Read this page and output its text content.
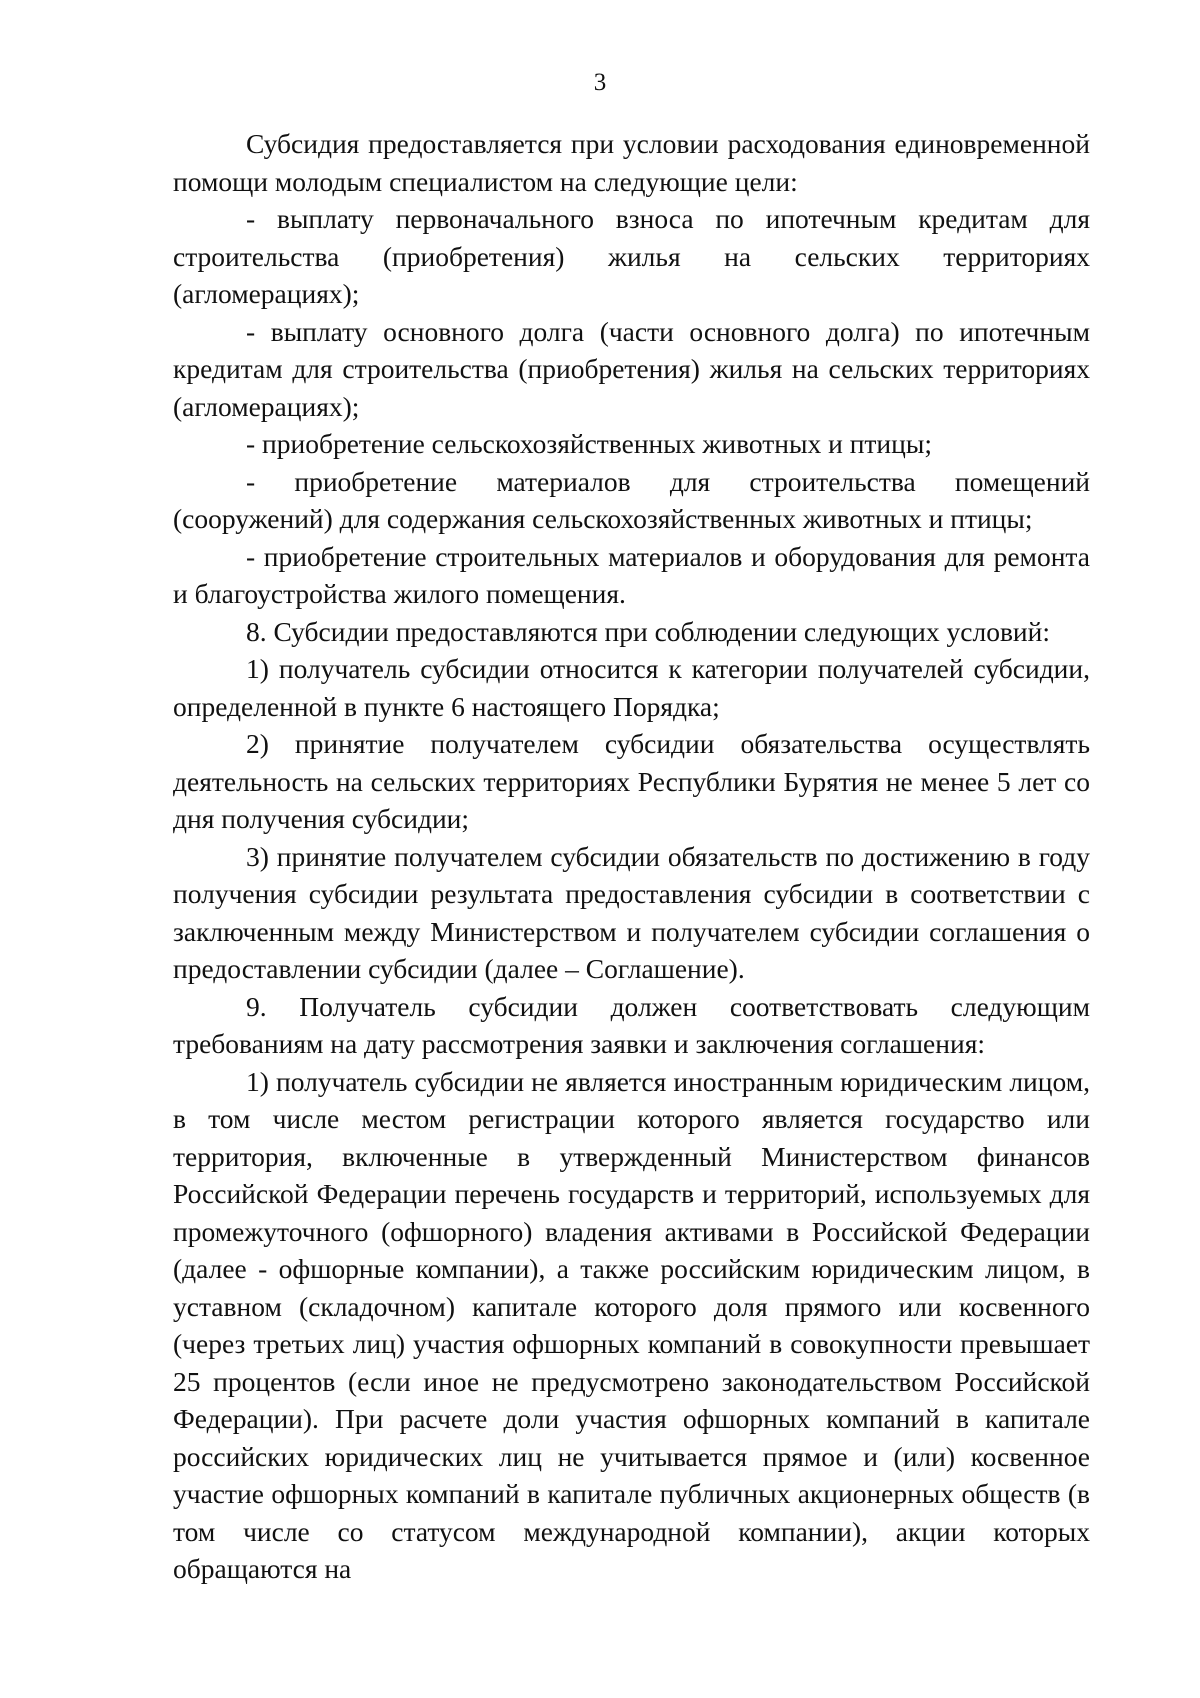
3

Субсидия предоставляется при условии расходования единовременной помощи молодым специалистом на следующие цели:

- выплату первоначального взноса по ипотечным кредитам для строительства (приобретения) жилья на сельских территориях (агломерациях);

- выплату основного долга (части основного долга) по ипотечным кредитам для строительства (приобретения) жилья на сельских территориях (агломерациях);

- приобретение сельскохозяйственных животных и птицы;

- приобретение материалов для строительства помещений (сооружений) для содержания сельскохозяйственных животных и птицы;

- приобретение строительных материалов и оборудования для ремонта и благоустройства жилого помещения.

8. Субсидии предоставляются при соблюдении следующих условий:

1) получатель субсидии относится к категории получателей субсидии, определенной в пункте 6 настоящего Порядка;

2) принятие получателем субсидии обязательства осуществлять деятельность на сельских территориях Республики Бурятия не менее 5 лет со дня получения субсидии;

3) принятие получателем субсидии обязательств по достижению в году получения субсидии результата предоставления субсидии в соответствии с заключенным между Министерством и получателем субсидии соглашения о предоставлении субсидии (далее – Соглашение).

9. Получатель субсидии должен соответствовать следующим требованиям на дату рассмотрения заявки и заключения соглашения:

1) получатель субсидии не является иностранным юридическим лицом, в том числе местом регистрации которого является государство или территория, включенные в утвержденный Министерством финансов Российской Федерации перечень государств и территорий, используемых для промежуточного (офшорного) владения активами в Российской Федерации (далее - офшорные компании), а также российским юридическим лицом, в уставном (складочном) капитале которого доля прямого или косвенного (через третьих лиц) участия офшорных компаний в совокупности превышает 25 процентов (если иное не предусмотрено законодательством Российской Федерации). При расчете доли участия офшорных компаний в капитале российских юридических лиц не учитывается прямое и (или) косвенное участие офшорных компаний в капитале публичных акционерных обществ (в том числе со статусом международной компании), акции которых обращаются на
